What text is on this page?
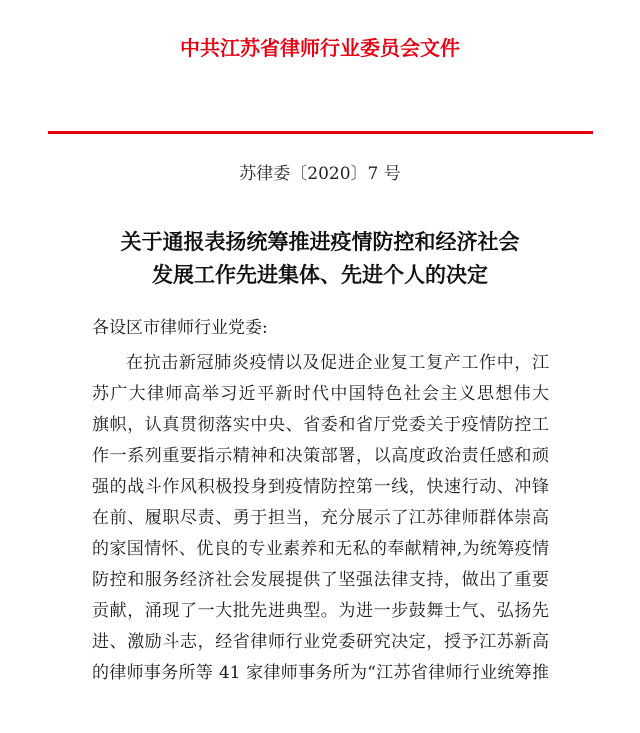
中共江苏省律师行业委员会文件
苏律委〔2020〕7 号
关于通报表扬统筹推进疫情防控和经济社会
发展工作先进集体、先进个人的决定
各设区市律师行业党委:
在抗击新冠肺炎疫情以及促进企业复工复产工作中，江
苏广大律师高举习近平新时代中国特色社会主义思想伟大
旗帜，认真贯彻落实中央、省委和省厅党委关于疫情防控工
作一系列重要指示精神和决策部署，以高度政治责任感和顽
强的战斗作风积极投身到疫情防控第一线，快速行动、冲锋
在前、履职尽责、勇于担当，充分展示了江苏律师群体崇高
的家国情怀、优良的专业素养和无私的奉献精神,为统筹疫情
防控和服务经济社会发展提供了坚强法律支持，做出了重要
贡献，涌现了一大批先进典型。为进一步鼓舞士气、弘扬先
进、激励斗志，经省律师行业党委研究决定，授予江苏新高
的律师事务所等 41 家律师事务所为“江苏省律师行业统筹推
